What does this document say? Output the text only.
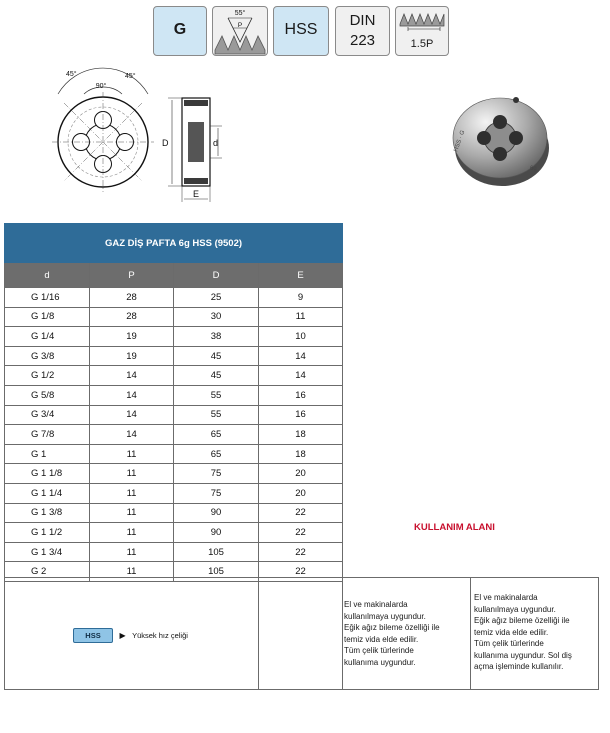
G
55°
P	HSS
DIN
223	1.5P
45°	45°
90°
D	d
E
HSS · G
6g
GAZ DİŞ PAFTA 6g HSS (9502)			
d	P	D	E
G 1/16	28	25	9
G 1/8	28	30	11
G 1/4	19	38	10
G 3/8	19	45	14
G 1/2	14	45	14
G 5/8	14	55	16
G 3/4	14	55	16
G 7/8	14	65	18
G 1	11	65	18
G 1 1/8	11	75	20
G 1 1/4	11	75	20
G 1 3/8	11	90	22
G 1 1/2	11	90	22
G 1 3/4	11	105	22
G 2	11	105	22
KULLANIM ALANI
HSS ▶ Yüksek hız çeliği
El ve makinalarda
kullanılmaya uygundur.
Eğik ağız bileme özelliği ile
temiz vida elde edilir.
Tüm çelik türlerinde
kullanıma uygundur.
El ve makinalarda
kullanılmaya uygundur.
Eğik ağız bileme özelliği ile
temiz vida elde edilir.
Tüm çelik türlerinde
kullanıma uygundur. Sol diş
açma işleminde kullanılır.
